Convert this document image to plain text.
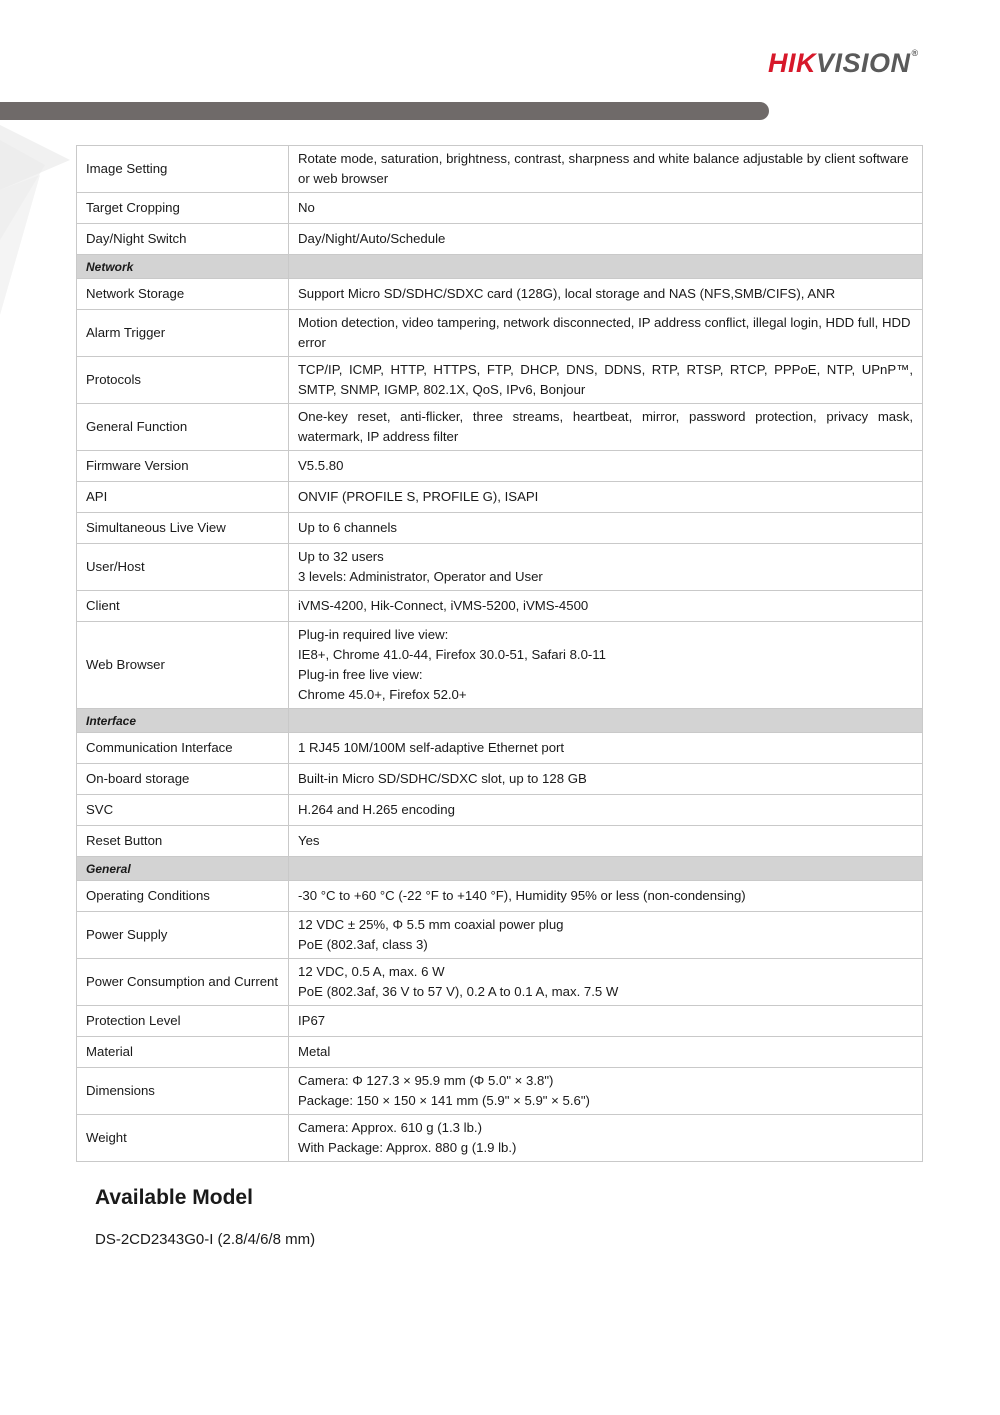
HIKVISION®
Image Setting	Rotate mode, saturation, brightness, contrast, sharpness and white balance adjustable by client software or web browser

Target Cropping	No

Day/Night Switch	Day/Night/Auto/Schedule

Network	
Network Storage	Support Micro SD/SDHC/SDXC card (128G), local storage and NAS (NFS,SMB/CIFS), ANR

Alarm Trigger	Motion detection, video tampering, network disconnected, IP address conflict, illegal login, HDD full, HDD error

Protocols	TCP/IP, ICMP, HTTP, HTTPS, FTP, DHCP, DNS, DDNS, RTP, RTSP, RTCP, PPPoE, NTP, UPnP™, SMTP, SNMP, IGMP, 802.1X, QoS, IPv6, Bonjour

General Function	One-key reset, anti-flicker, three streams, heartbeat, mirror, password protection, privacy mask, watermark, IP address filter

Firmware Version	V5.5.80

API	ONVIF (PROFILE S, PROFILE G), ISAPI

Simultaneous Live View	Up to 6 channels

User/Host	Up to 32 users
3 levels: Administrator, Operator and User

Client	iVMS-4200, Hik-Connect, iVMS-5200, iVMS-4500

Web Browser	Plug-in required live view:
IE8+, Chrome 41.0-44, Firefox 30.0-51, Safari 8.0-11
Plug-in free live view:
Chrome 45.0+, Firefox 52.0+

Interface	
Communication Interface	1 RJ45 10M/100M self-adaptive Ethernet port

On-board storage	Built-in Micro SD/SDHC/SDXC slot, up to 128 GB

SVC	H.264 and H.265 encoding

Reset Button	Yes

General	
Operating Conditions	-30 °C to +60 °C (-22 °F to +140 °F), Humidity 95% or less (non-condensing)

Power Supply	12 VDC ± 25%, Φ 5.5 mm coaxial power plug
PoE (802.3af, class 3)

Power Consumption and Current	12 VDC, 0.5 A, max. 6 W
PoE (802.3af, 36 V to 57 V), 0.2 A to 0.1 A, max. 7.5 W

Protection Level	IP67

Material	Metal

Dimensions	Camera: Φ 127.3 × 95.9 mm (Φ 5.0" × 3.8")
Package: 150 × 150 × 141 mm (5.9" × 5.9" × 5.6")

Weight	Camera: Approx. 610 g (1.3 lb.)
With Package: Approx. 880 g (1.9 lb.)
Available Model
DS-2CD2343G0-I (2.8/4/6/8 mm)
